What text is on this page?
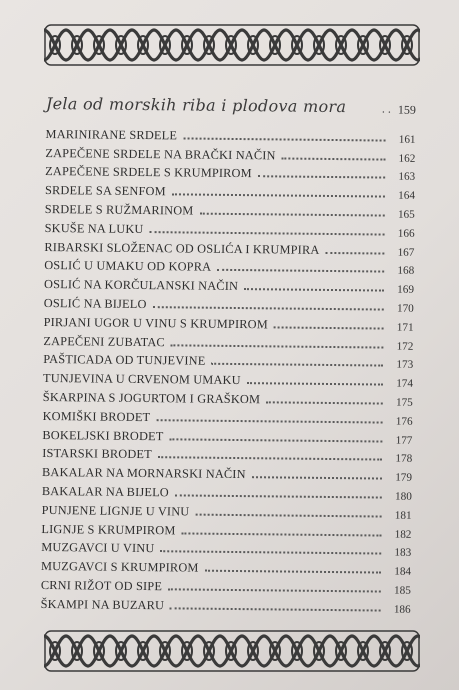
Jela od morskih riba i plodova mora	. . 159
MARINIRANE SRDELE	161
ZAPEČENE SRDELE NA BRAČKI NAČIN	162
ZAPEČENE SRDELE S KRUMPIROM	163
SRDELE SA SENFOM	164
SRDELE S RUŽMARINOM	165
SKUŠE NA LUKU	166
RIBARSKI SLOŽENAC OD OSLIĆA I KRUMPIRA	167
OSLIĆ U UMAKU OD KOPRA	168
OSLIĆ NA KORČULANSKI NAČIN	169
OSLIĆ NA BIJELO	170
PIRJANI UGOR U VINU S KRUMPIROM	171
ZAPEČENI ZUBATAC	172
PAŠTICADA OD TUNJEVINE	173
TUNJEVINA U CRVENOM UMAKU	174
ŠKARPINA S JOGURTOM I GRAŠKOM	175
KOMIŠKI BRODET	176
BOKELJSKI BRODET	177
ISTARSKI BRODET	178
BAKALAR NA MORNARSKI NAČIN	179
BAKALAR NA BIJELO	180
PUNJENE LIGNJE U VINU	181
LIGNJE S KRUMPIROM	182
MUZGAVCI U VINU	183
MUZGAVCI S KRUMPIROM	184
CRNI RIŽOT OD SIPE	185
ŠKAMPI NA BUZARU	186
